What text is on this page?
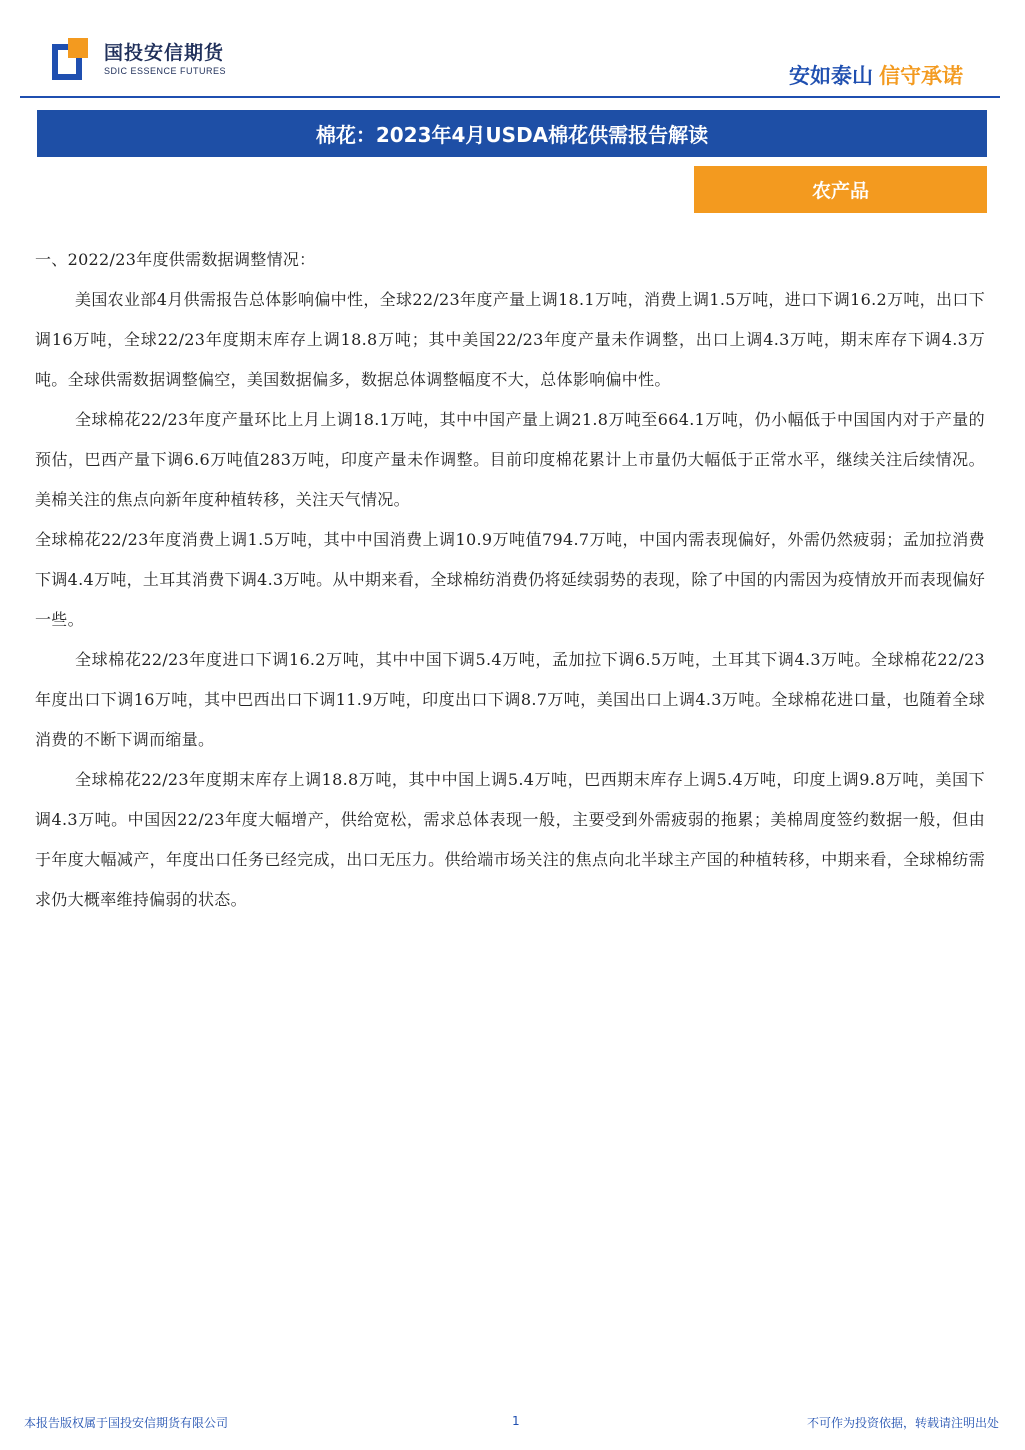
国投安信期货
SDIC ESSENCE FUTURES	安如泰山 信守承诺
棉花：2023年4月USDA棉花供需报告解读
农产品

一、2022/23年度供需数据调整情况：

美国农业部4月供需报告总体影响偏中性，全球22/23年度产量上调18.1万吨，消费上调1.5万吨，进口下调16.2万吨，出口下调16万吨，全球22/23年度期末库存上调18.8万吨；其中美国22/23年度产量未作调整，出口上调4.3万吨，期末库存下调4.3万吨。全球供需数据调整偏空，美国数据偏多，数据总体调整幅度不大，总体影响偏中性。

全球棉花22/23年度产量环比上月上调18.1万吨，其中中国产量上调21.8万吨至664.1万吨，仍小幅低于中国国内对于产量的预估，巴西产量下调6.6万吨值283万吨，印度产量未作调整。目前印度棉花累计上市量仍大幅低于正常水平，继续关注后续情况。美棉关注的焦点向新年度种植转移，关注天气情况。

全球棉花22/23年度消费上调1.5万吨，其中中国消费上调10.9万吨值794.7万吨，中国内需表现偏好，外需仍然疲弱；孟加拉消费下调4.4万吨，土耳其消费下调4.3万吨。从中期来看，全球棉纺消费仍将延续弱势的表现，除了中国的内需因为疫情放开而表现偏好一些。

全球棉花22/23年度进口下调16.2万吨，其中中国下调5.4万吨，孟加拉下调6.5万吨，土耳其下调4.3万吨。全球棉花22/23年度出口下调16万吨，其中巴西出口下调11.9万吨，印度出口下调8.7万吨，美国出口上调4.3万吨。全球棉花进口量，也随着全球消费的不断下调而缩量。

全球棉花22/23年度期末库存上调18.8万吨，其中中国上调5.4万吨，巴西期末库存上调5.4万吨，印度上调9.8万吨，美国下调4.3万吨。中国因22/23年度大幅增产，供给宽松，需求总体表现一般，主要受到外需疲弱的拖累；美棉周度签约数据一般，但由于年度大幅减产，年度出口任务已经完成，出口无压力。供给端市场关注的焦点向北半球主产国的种植转移，中期来看，全球棉纺需求仍大概率维持偏弱的状态。

本报告版权属于国投安信期货有限公司	1	不可作为投资依据，转载请注明出处
